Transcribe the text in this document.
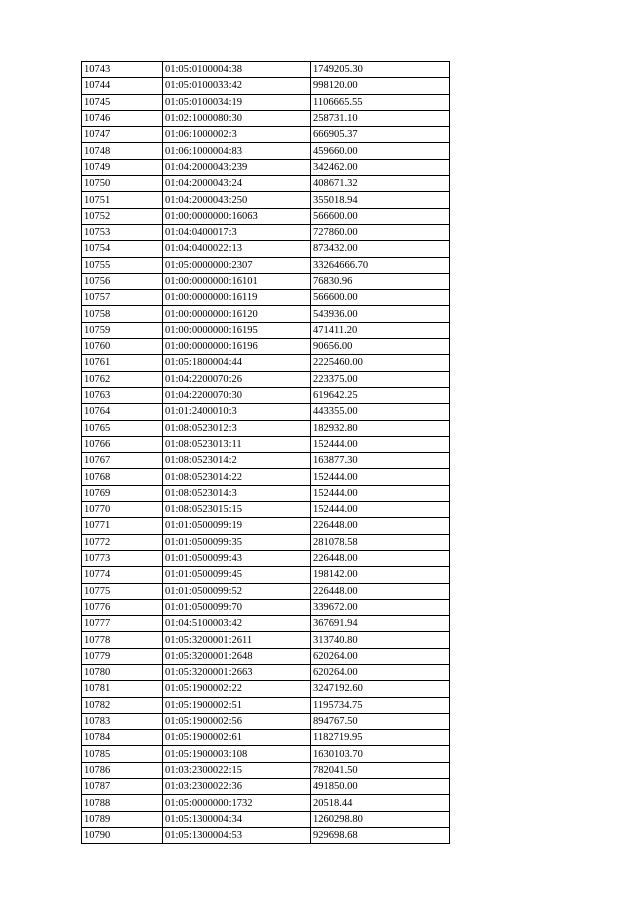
10743	01:05:0100004:38	1749205.30
10744	01:05:0100033:42	998120.00
10745	01:05:0100034:19	1106665.55
10746	01:02:1000080:30	258731.10
10747	01:06:1000002:3	666905.37
10748	01:06:1000004:83	459660.00
10749	01:04:2000043:239	342462.00
10750	01:04:2000043:24	408671.32
10751	01:04:2000043:250	355018.94
10752	01:00:0000000:16063	566600.00
10753	01:04:0400017:3	727860.00
10754	01:04:0400022:13	873432.00
10755	01:05:0000000:2307	33264666.70
10756	01:00:0000000:16101	76830.96
10757	01:00:0000000:16119	566600.00
10758	01:00:0000000:16120	543936.00
10759	01:00:0000000:16195	471411.20
10760	01:00:0000000:16196	90656.00
10761	01:05:1800004:44	2225460.00
10762	01:04:2200070:26	223375.00
10763	01:04:2200070:30	619642.25
10764	01:01:2400010:3	443355.00
10765	01:08:0523012:3	182932.80
10766	01:08:0523013:11	152444.00
10767	01:08:0523014:2	163877.30
10768	01:08:0523014:22	152444.00
10769	01:08:0523014:3	152444.00
10770	01:08:0523015:15	152444.00
10771	01:01:0500099:19	226448.00
10772	01:01:0500099:35	281078.58
10773	01:01:0500099:43	226448.00
10774	01:01:0500099:45	198142.00
10775	01:01:0500099:52	226448.00
10776	01:01:0500099:70	339672.00
10777	01:04:5100003:42	367691.94
10778	01:05:3200001:2611	313740.80
10779	01:05:3200001:2648	620264.00
10780	01:05:3200001:2663	620264.00
10781	01:05:1900002:22	3247192.60
10782	01:05:1900002:51	1195734.75
10783	01:05:1900002:56	894767.50
10784	01:05:1900002:61	1182719.95
10785	01:05:1900003:108	1630103.70
10786	01:03:2300022:15	782041.50
10787	01:03:2300022:36	491850.00
10788	01:05:0000000:1732	20518.44
10789	01:05:1300004:34	1260298.80
10790	01:05:1300004:53	929698.68
